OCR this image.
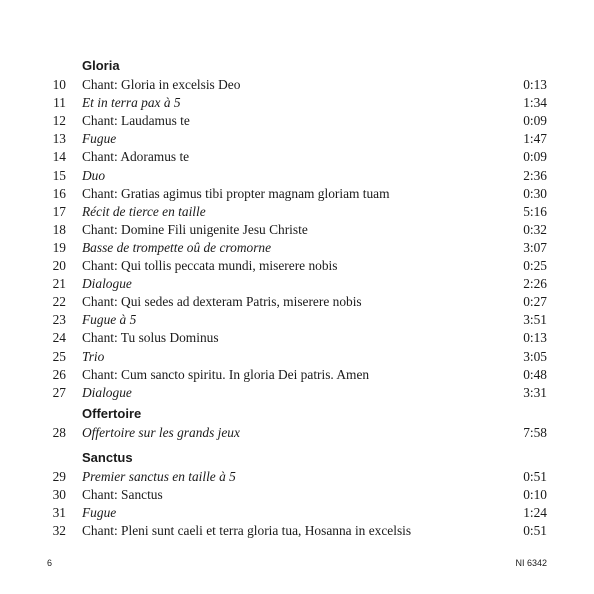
Gloria
10 Chant: Gloria in excelsis Deo	0:13
11 Et in terra pax à 5	1:34
12 Chant: Laudamus te	0:09
13 Fugue	1:47
14 Chant: Adoramus te	0:09
15 Duo	2:36
16 Chant: Gratias agimus tibi propter magnam gloriam tuam	0:30
17 Récit de tierce en taille	5:16
18 Chant: Domine Fili unigenite Jesu Christe	0:32
19 Basse de trompette oû de cromorne	3:07
20 Chant: Qui tollis peccata mundi, miserere nobis	0:25
21 Dialogue	2:26
22 Chant: Qui sedes ad dexteram Patris, miserere nobis	0:27
23 Fugue à 5	3:51
24 Chant: Tu solus Dominus	0:13
25 Trio	3:05
26 Chant: Cum sancto spiritu. In gloria Dei patris. Amen	0:48
27 Dialogue	3:31
Offertoire
28 Offertoire sur les grands jeux	7:58
Sanctus
29 Premier sanctus en taille à 5	0:51
30 Chant: Sanctus	0:10
31 Fugue	1:24
32 Chant: Pleni sunt caeli et terra gloria tua, Hosanna in excelsis	0:51
6	NI 6342
